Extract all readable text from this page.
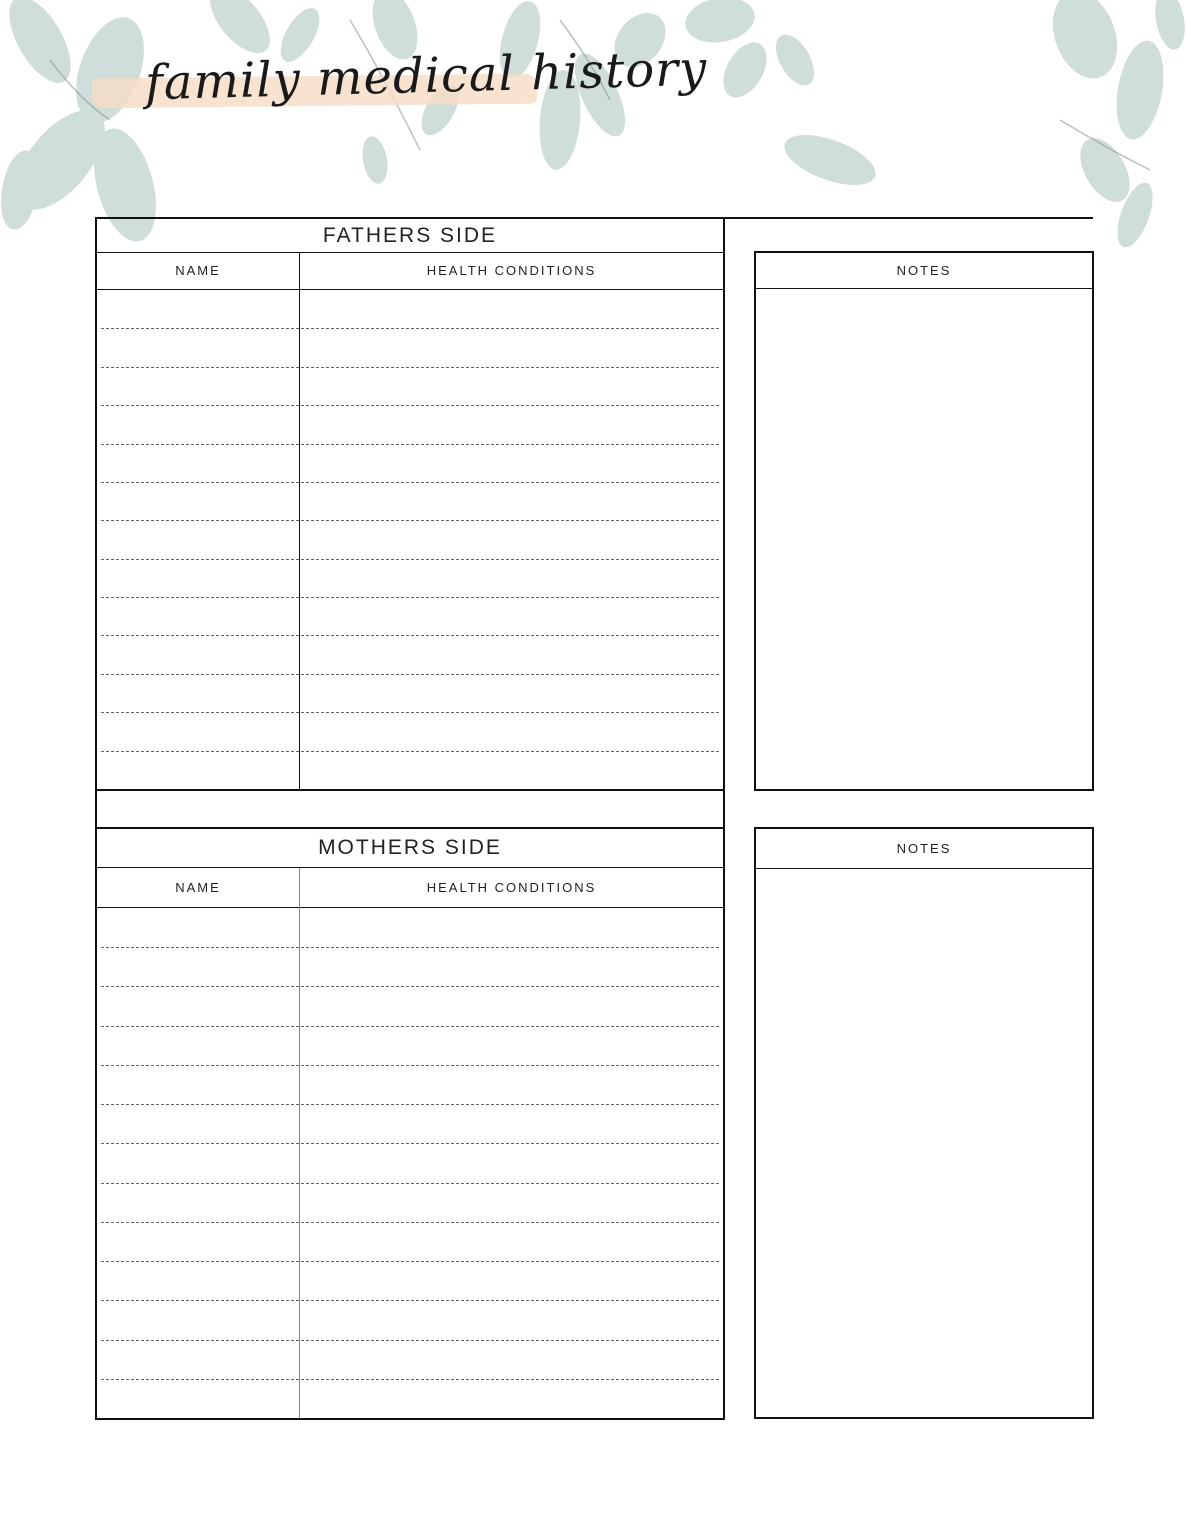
family medical history
FATHERS SIDE
NAME	HEALTH CONDITIONS
MOTHERS SIDE
NAME	HEALTH CONDITIONS
NOTES
NOTES
